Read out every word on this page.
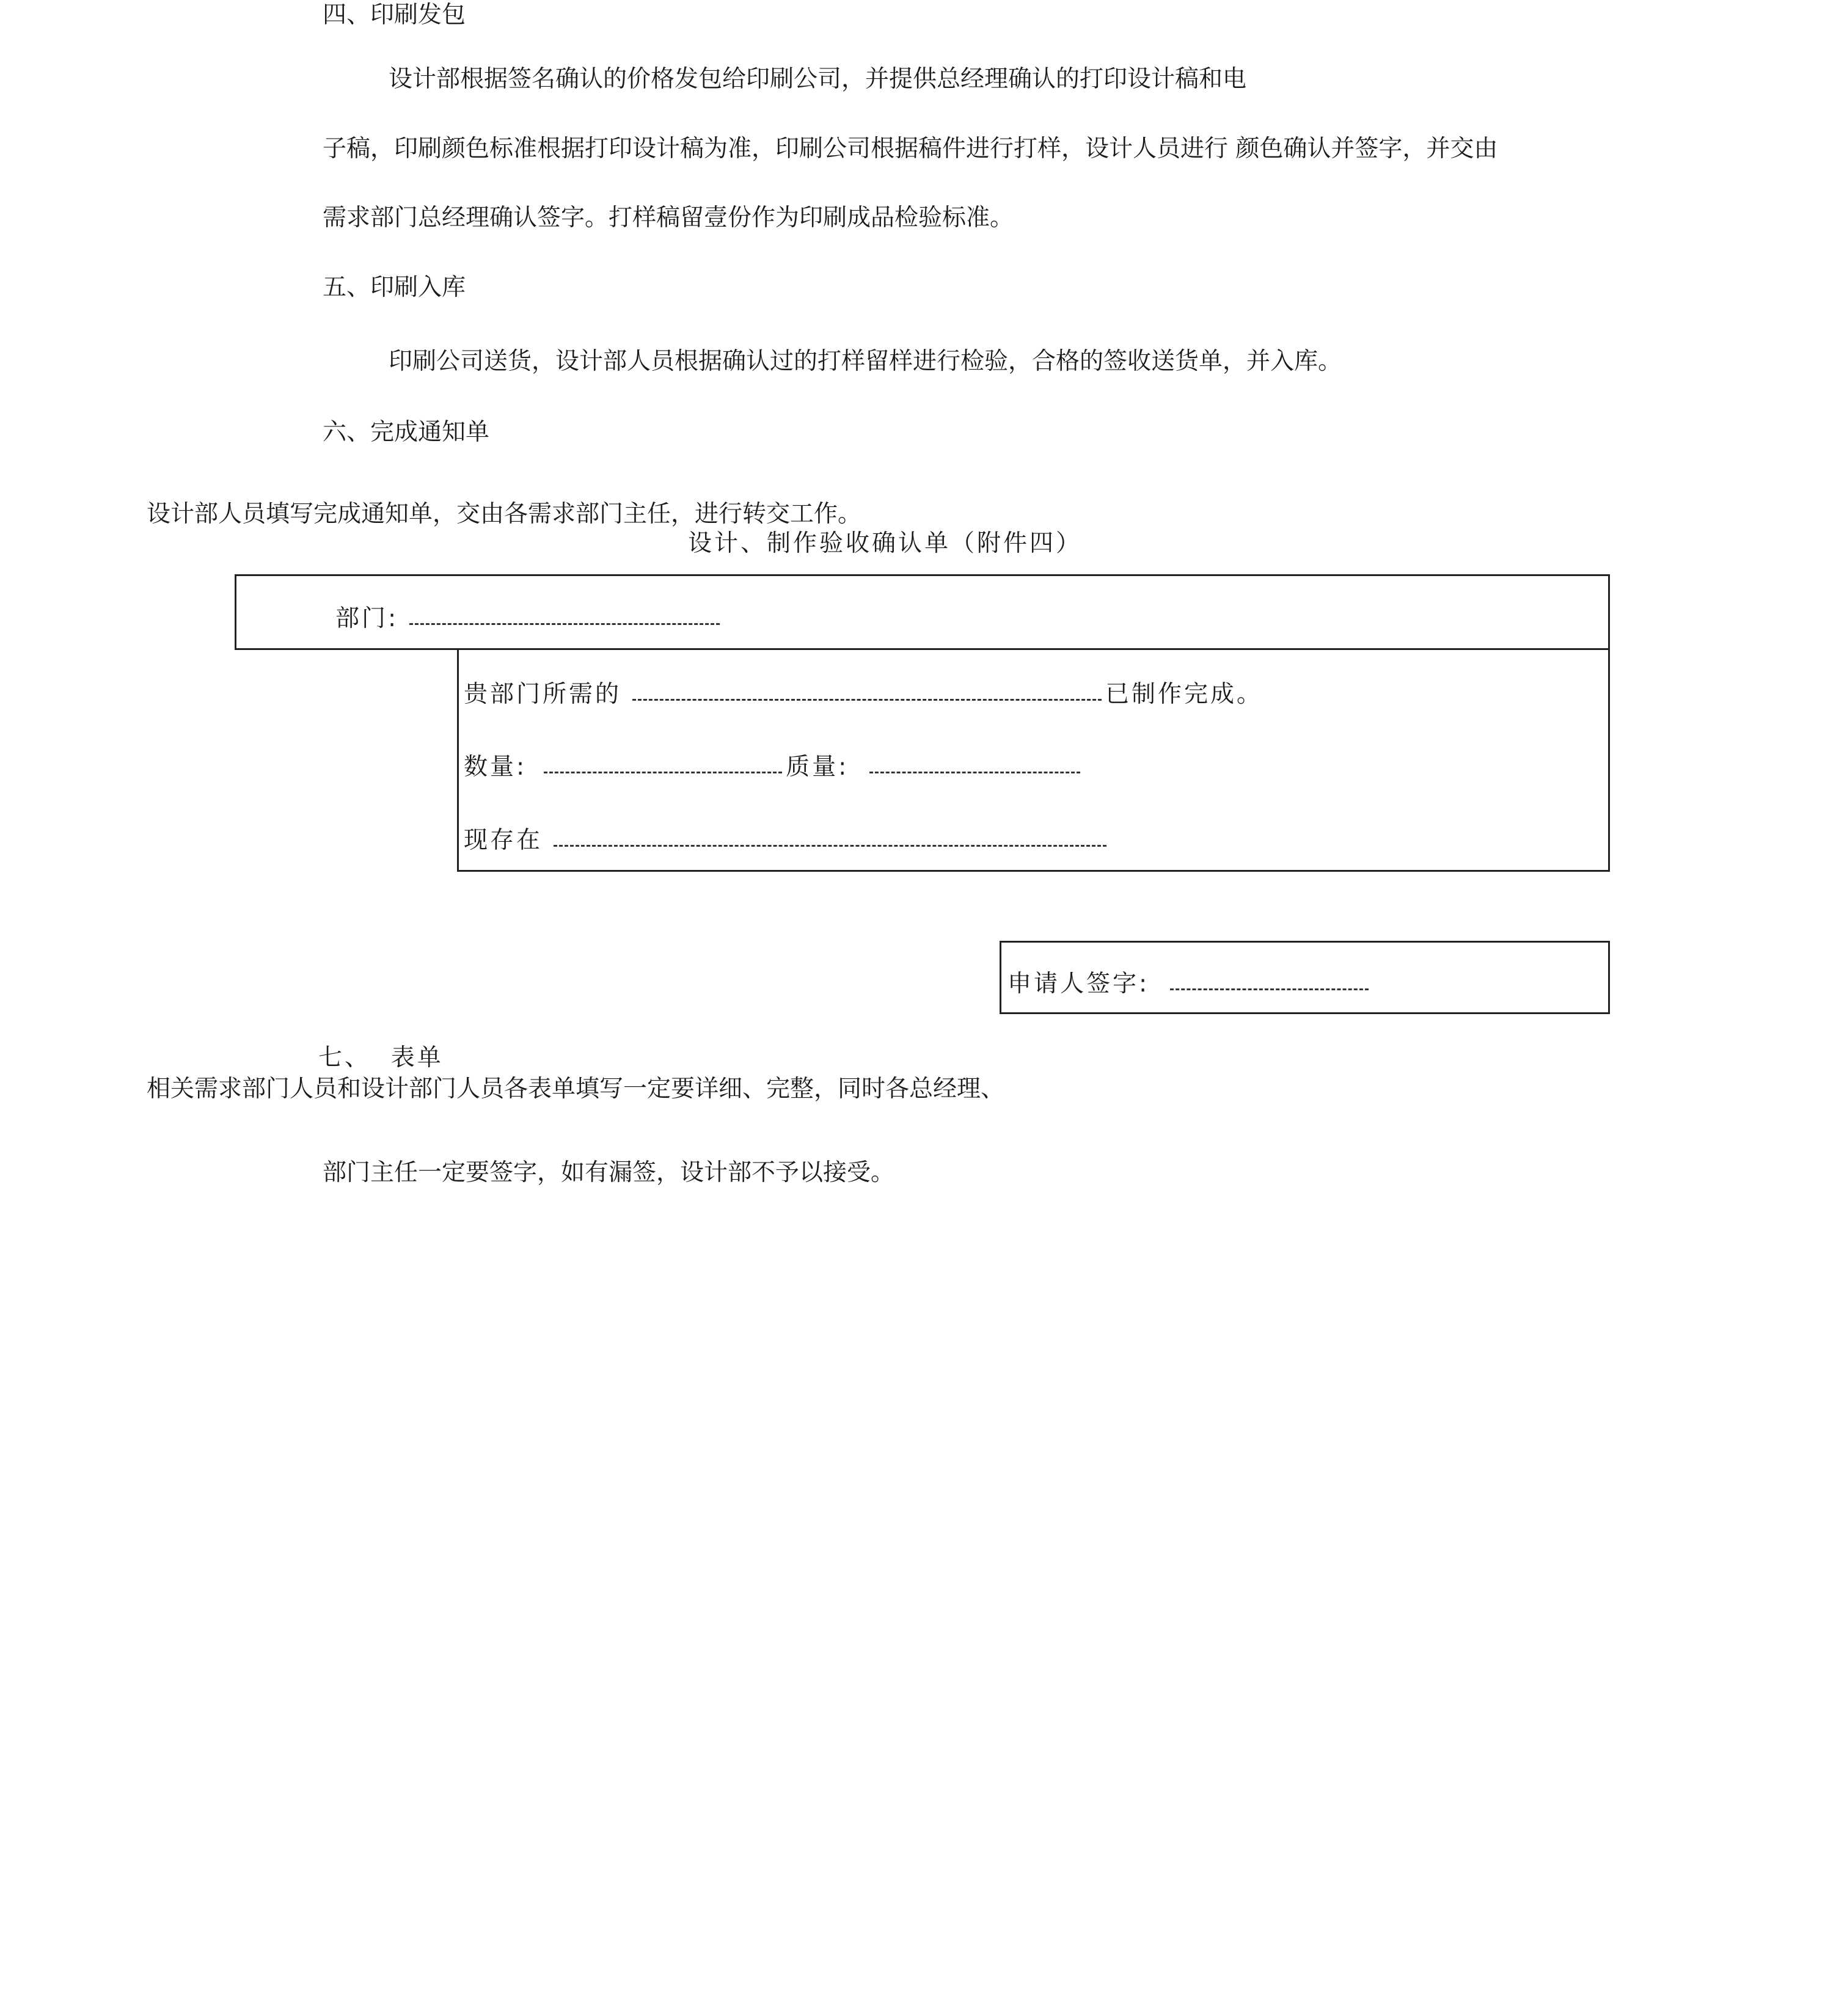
四、印刷发包
设计部根据签名确认的价格发包给印刷公司，并提供总经理确认的打印设计稿和电
子稿，印刷颜色标准根据打印设计稿为准，印刷公司根据稿件进行打样，设计人员进行 颜色确认并签字，并交由
需求部门总经理确认签字。打样稿留壹份作为印刷成品检验标准。
五、印刷入库
印刷公司送货，设计部人员根据确认过的打样留样进行检验，合格的签收送货单，并入库。
六、完成通知单
设计部人员填写完成通知单，交由各需求部门主任，进行转交工作。
设计、制作验收确认单（附件四）
部门:
贵部门所需的	已制作完成。
数量:	质量:
现存在
申请人签字:
七、  表单
相关需求部门人员和设计部门人员各表单填写一定要详细、完整，同时各总经理、
部门主任一定要签字，如有漏签，设计部不予以接受。
